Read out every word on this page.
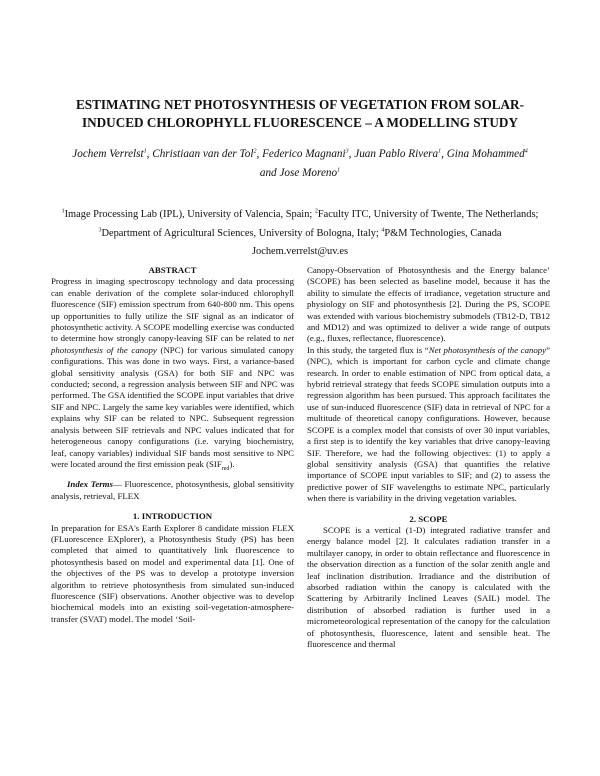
ESTIMATING NET PHOTOSYNTHESIS OF VEGETATION FROM SOLAR-INDUCED CHLOROPHYLL FLUORESCENCE – A MODELLING STUDY
Jochem Verrelst$^1$, Christiaan van der Tol$^2$, Federico Magnani$^3$, Juan Pablo Rivera$^1$, Gina Mohammed$^4$
and Jose Moreno$^1$
$^1$Image Processing Lab (IPL), University of Valencia, Spain; $^2$Faculty ITC, University of Twente, The Netherlands; $^3$Department of Agricultural Sciences, University of Bologna, Italy; $^4$P&M Technologies, Canada
Jochem.verrelst@uv.es

ABSTRACT

Progress in imaging spectroscopy technology and data processing can enable derivation of the complete solar-induced chlorophyll fluorescence (SIF) emission spectrum from 640-800 nm. This opens up opportunities to fully utilize the SIF signal as an indicator of photosynthetic activity. A SCOPE modelling exercise was conducted to determine how strongly canopy-leaving SIF can be related to net photosynthesis of the canopy (NPC) for various simulated canopy configurations. This was done in two ways. First, a variance-based global sensitivity analysis (GSA) for both SIF and NPC was conducted; second, a regression analysis between SIF and NPC was performed. The GSA identified the SCOPE input variables that drive SIF and NPC. Largely the same key variables were identified, which explains why SIF can be related to NPC. Subsequent regression analysis between SIF retrievals and NPC values indicated that for heterogeneous canopy configurations (i.e. varying biochemistry, leaf, canopy variables) individual SIF bands most sensitive to NPC were located around the first emission peak $(SIF_{red})$.

Index Terms— Fluorescence, photosynthesis, global sensitivity analysis, retrieval, FLEX

1. INTRODUCTION

In preparation for ESA's Earth Explorer 8 candidate mission FLEX (FLuorescence EXplorer), a Photosynthesis Study (PS) has been completed that aimed to quantitatively link fluorescence to photosynthesis based on model and experimental data [1]. One of the objectives of the PS was to develop a prototype inversion algorithm to retrieve photosynthesis from simulated sun-induced fluorescence (SIF) observations. Another objective was to develop biochemical models into an existing soil-vegetation-atmosphere-transfer (SVAT) model. The model ‘Soil-

Canopy-Observation of Photosynthesis and the Energy balance’ (SCOPE) has been selected as baseline model, because it has the ability to simulate the effects of irradiance, vegetation structure and physiology on SIF and photosynthesis [2]. During the PS, SCOPE was extended with various biochemistry submodels (TB12-D, TB12 and MD12) and was optimized to deliver a wide range of outputs (e.g., fluxes, reflectance, fluorescence).

In this study, the targeted flux is “Net photosynthesis of the canopy” (NPC), which is important for carbon cycle and climate change research. In order to enable estimation of NPC from optical data, a hybrid retrieval strategy that feeds SCOPE simulation outputs into a regression algorithm has been pursued. This approach facilitates the use of sun-induced fluorescence (SIF) data in retrieval of NPC for a multitude of theoretical canopy configurations. However, because SCOPE is a complex model that consists of over 30 input variables, a first step is to identify the key variables that drive canopy-leaving SIF. Therefore, we had the following objectives: (1) to apply a global sensitivity analysis (GSA) that quantifies the relative importance of SCOPE input variables to SIF; and (2) to assess the predictive power of SIF wavelengths to estimate NPC, particularly when there is variability in the driving vegetation variables.

2. SCOPE

SCOPE is a vertical (1-D) integrated radiative transfer and energy balance model [2]. It calculates radiation transfer in a multilayer canopy, in order to obtain reflectance and fluorescence in the observation direction as a function of the solar zenith angle and leaf inclination distribution. Irradiance and the distribution of absorbed radiation within the canopy is calculated with the Scattering by Arbitrarily Inclined Leaves (SAIL) model. The distribution of absorbed radiation is further used in a micrometeorological representation of the canopy for the calculation of photosynthesis, fluorescence, latent and sensible heat. The fluorescence and thermal
